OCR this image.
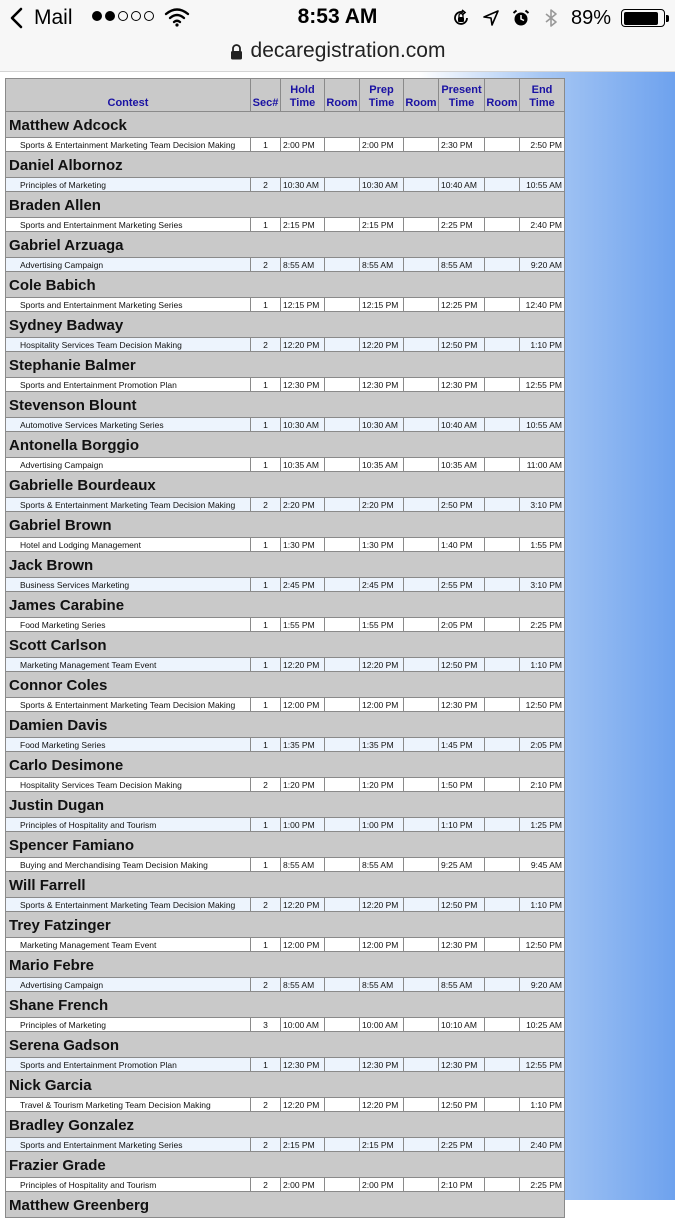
Mail	8:53 AM	89%
decaregistration.com
Contest	Sec#	Hold Time	Room	Prep Time	Room	Present Time	Room	End Time
Matthew Adcock								
Sports & Entertainment Marketing Team Decision Making	1	2:00 PM		2:00 PM		2:30 PM		2:50 PM
Daniel Albornoz								
Principles of Marketing	2	10:30 AM		10:30 AM		10:40 AM		10:55 AM
Braden Allen								
Sports and Entertainment Marketing Series	1	2:15 PM		2:15 PM		2:25 PM		2:40 PM
Gabriel Arzuaga								
Advertising Campaign	2	8:55 AM		8:55 AM		8:55 AM		9:20 AM
Cole Babich								
Sports and Entertainment Marketing Series	1	12:15 PM		12:15 PM		12:25 PM		12:40 PM
Sydney Badway								
Hospitality Services Team Decision Making	2	12:20 PM		12:20 PM		12:50 PM		1:10 PM
Stephanie Balmer								
Sports and Entertainment Promotion Plan	1	12:30 PM		12:30 PM		12:30 PM		12:55 PM
Stevenson Blount								
Automotive Services Marketing Series	1	10:30 AM		10:30 AM		10:40 AM		10:55 AM
Antonella Borggio								
Advertising Campaign	1	10:35 AM		10:35 AM		10:35 AM		11:00 AM
Gabrielle Bourdeaux								
Sports & Entertainment Marketing Team Decision Making	2	2:20 PM		2:20 PM		2:50 PM		3:10 PM
Gabriel Brown								
Hotel and Lodging Management	1	1:30 PM		1:30 PM		1:40 PM		1:55 PM
Jack Brown								
Business Services Marketing	1	2:45 PM		2:45 PM		2:55 PM		3:10 PM
James Carabine								
Food Marketing Series	1	1:55 PM		1:55 PM		2:05 PM		2:25 PM
Scott Carlson								
Marketing Management Team Event	1	12:20 PM		12:20 PM		12:50 PM		1:10 PM
Connor Coles								
Sports & Entertainment Marketing Team Decision Making	1	12:00 PM		12:00 PM		12:30 PM		12:50 PM
Damien Davis								
Food Marketing Series	1	1:35 PM		1:35 PM		1:45 PM		2:05 PM
Carlo Desimone								
Hospitality Services Team Decision Making	2	1:20 PM		1:20 PM		1:50 PM		2:10 PM
Justin Dugan								
Principles of Hospitality and Tourism	1	1:00 PM		1:00 PM		1:10 PM		1:25 PM
Spencer Famiano								
Buying and Merchandising Team Decision Making	1	8:55 AM		8:55 AM		9:25 AM		9:45 AM
Will Farrell								
Sports & Entertainment Marketing Team Decision Making	2	12:20 PM		12:20 PM		12:50 PM		1:10 PM
Trey Fatzinger								
Marketing Management Team Event	1	12:00 PM		12:00 PM		12:30 PM		12:50 PM
Mario Febre								
Advertising Campaign	2	8:55 AM		8:55 AM		8:55 AM		9:20 AM
Shane French								
Principles of Marketing	3	10:00 AM		10:00 AM		10:10 AM		10:25 AM
Serena Gadson								
Sports and Entertainment Promotion Plan	1	12:30 PM		12:30 PM		12:30 PM		12:55 PM
Nick Garcia								
Travel & Tourism Marketing Team Decision Making	2	12:20 PM		12:20 PM		12:50 PM		1:10 PM
Bradley Gonzalez								
Sports and Entertainment Marketing Series	2	2:15 PM		2:15 PM		2:25 PM		2:40 PM
Frazier Grade								
Principles of Hospitality and Tourism	2	2:00 PM		2:00 PM		2:10 PM		2:25 PM
Matthew Greenberg								
